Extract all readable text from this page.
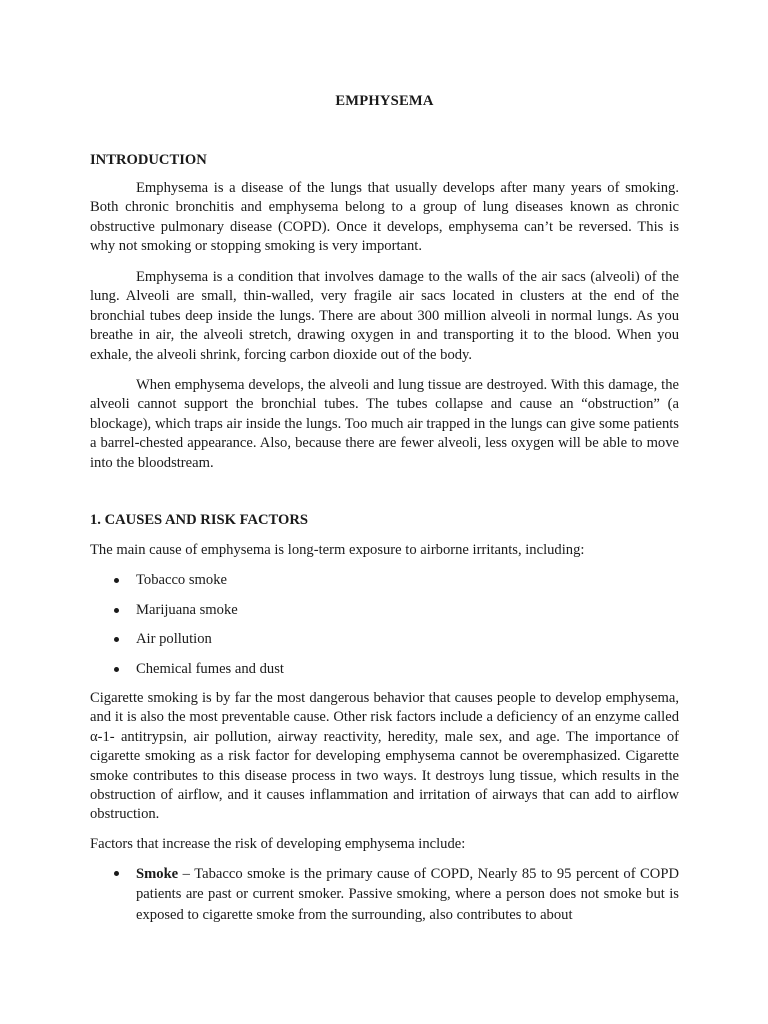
EMPHYSEMA
INTRODUCTION

Emphysema is a disease of the lungs that usually develops after many years of smoking. Both chronic bronchitis and emphysema belong to a group of lung diseases known as chronic obstructive pulmonary disease (COPD). Once it develops, emphysema can’t be reversed. This is why not smoking or stopping smoking is very important.

Emphysema is a condition that involves damage to the walls of the air sacs (alveoli) of the lung. Alveoli are small, thin-walled, very fragile air sacs located in clusters at the end of the bronchial tubes deep inside the lungs. There are about 300 million alveoli in normal lungs. As you breathe in air, the alveoli stretch, drawing oxygen in and transporting it to the blood. When you exhale, the alveoli shrink, forcing carbon dioxide out of the body.

When emphysema develops, the alveoli and lung tissue are destroyed. With this damage, the alveoli cannot support the bronchial tubes. The tubes collapse and cause an “obstruction” (a blockage), which traps air inside the lungs. Too much air trapped in the lungs can give some patients a barrel-chested appearance. Also, because there are fewer alveoli, less oxygen will be able to move into the bloodstream.

1. CAUSES AND RISK FACTORS

The main cause of emphysema is long-term exposure to airborne irritants, including:

Tobacco smoke
Marijuana smoke
Air pollution
Chemical fumes and dust

Cigarette smoking is by far the most dangerous behavior that causes people to develop emphysema, and it is also the most preventable cause. Other risk factors include a deficiency of an enzyme called α-1- antitrypsin, air pollution, airway reactivity, heredity, male sex, and age. The importance of cigarette smoking as a risk factor for developing emphysema cannot be overemphasized. Cigarette smoke contributes to this disease process in two ways. It destroys lung tissue, which results in the obstruction of airflow, and it causes inflammation and irritation of airways that can add to airflow obstruction.

Factors that increase the risk of developing emphysema include:

Smoke – Tabacco smoke is the primary cause of COPD, Nearly 85 to 95 percent of COPD patients are past or current smoker. Passive smoking, where a person does not smoke but is exposed to cigarette smoke from the surrounding, also contributes to about
